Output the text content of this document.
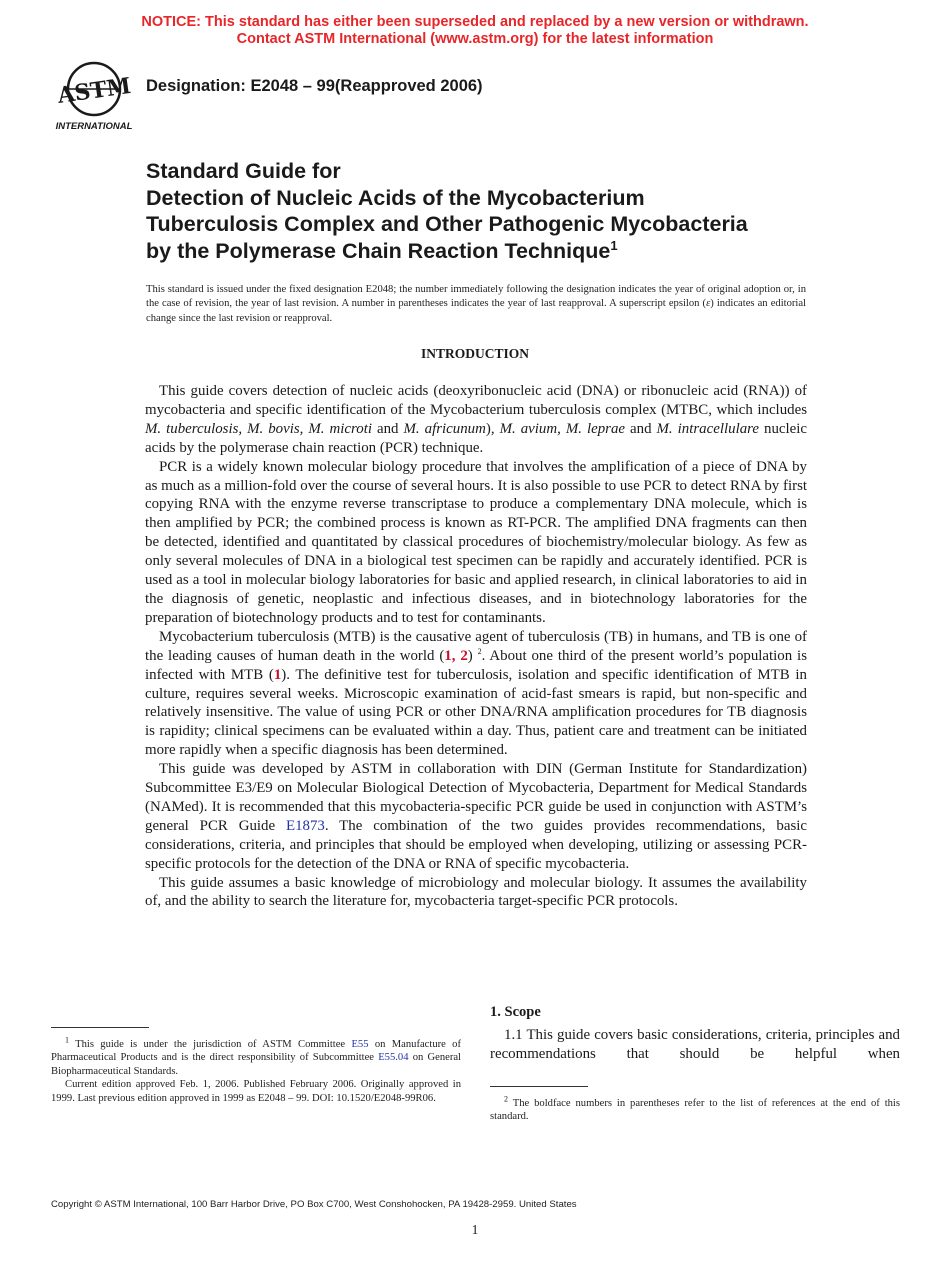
NOTICE: This standard has either been superseded and replaced by a new version or withdrawn.
Contact ASTM International (www.astm.org) for the latest information
ASTM
INTERNATIONAL
Designation: E2048 – 99(Reapproved 2006)
Standard Guide for
Detection of Nucleic Acids of the Mycobacterium
Tuberculosis Complex and Other Pathogenic Mycobacteria
by the Polymerase Chain Reaction Technique$^1$
This standard is issued under the fixed designation E2048; the number immediately following the designation indicates the year of original adoption or, in the case of revision, the year of last revision. A number in parentheses indicates the year of last reapproval. A superscript epsilon (ε) indicates an editorial change since the last revision or reapproval.
INTRODUCTION

This guide covers detection of nucleic acids (deoxyribonucleic acid (DNA) or ribonucleic acid (RNA)) of mycobacteria and specific identification of the Mycobacterium tuberculosis complex (MTBC, which includes M. tuberculosis, M. bovis, M. microti and M. africunum), M. avium, M. leprae and M. intracellulare nucleic acids by the polymerase chain reaction (PCR) technique.

PCR is a widely known molecular biology procedure that involves the amplification of a piece of DNA by as much as a million-fold over the course of several hours. It is also possible to use PCR to detect RNA by first copying RNA with the enzyme reverse transcriptase to produce a complementary DNA molecule, which is then amplified by PCR; the combined process is known as RT-PCR. The amplified DNA fragments can then be detected, identified and quantitated by classical procedures of biochemistry/molecular biology. As few as only several molecules of DNA in a biological test specimen can be rapidly and accurately identified. PCR is used as a tool in molecular biology laboratories for basic and applied research, in clinical laboratories to aid in the diagnosis of genetic, neoplastic and infectious diseases, and in biotechnology laboratories for the preparation of biotechnology products and to test for contaminants.

Mycobacterium tuberculosis (MTB) is the causative agent of tuberculosis (TB) in humans, and TB is one of the leading causes of human death in the world (1, 2) $^2$. About one third of the present world’s population is infected with MTB (1). The definitive test for tuberculosis, isolation and specific identification of MTB in culture, requires several weeks. Microscopic examination of acid-fast smears is rapid, but non-specific and relatively insensitive. The value of using PCR or other DNA/RNA amplification procedures for TB diagnosis is rapidity; clinical specimens can be evaluated within a day. Thus, patient care and treatment can be initiated more rapidly when a specific diagnosis has been determined.

This guide was developed by ASTM in collaboration with DIN (German Institute for Standardization) Subcommittee E3/E9 on Molecular Biological Detection of Mycobacteria, Department for Medical Standards (NAMed). It is recommended that this mycobacteria-specific PCR guide be used in conjunction with ASTM’s general PCR Guide E1873. The combination of the two guides provides recommendations, basic considerations, criteria, and principles that should be employed when developing, utilizing or assessing PCR-specific protocols for the detection of the DNA or RNA of specific mycobacteria.

This guide assumes a basic knowledge of microbiology and molecular biology. It assumes the availability of, and the ability to search the literature for, mycobacteria target-specific PCR protocols.

$^1$ This guide is under the jurisdiction of ASTM Committee E55 on Manufacture of Pharmaceutical Products and is the direct responsibility of Subcommittee E55.04 on General Biopharmaceutical Standards.

Current edition approved Feb. 1, 2006. Published February 2006. Originally approved in 1999. Last previous edition approved in 1999 as E2048 – 99. DOI: 10.1520/E2048-99R06.

1. Scope

1.1 This guide covers basic considerations, criteria, principles and recommendations that should be helpful when

$^2$ The boldface numbers in parentheses refer to the list of references at the end of this standard.

Copyright © ASTM International, 100 Barr Harbor Drive, PO Box C700, West Conshohocken, PA 19428-2959. United States
1
